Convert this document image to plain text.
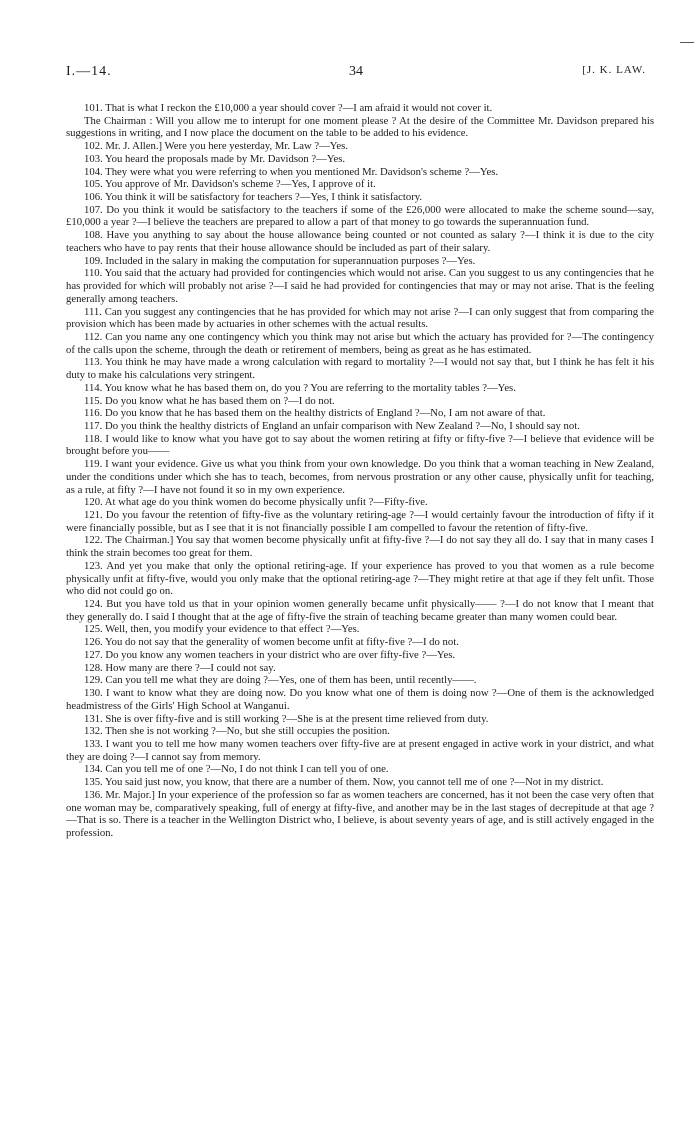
I.—14.	34	[J. K. LAW.

101. That is what I reckon the £10,000 a year should cover ?—I am afraid it would not cover it.

The Chairman : Will you allow me to interupt for one moment please ? At the desire of the Committee Mr. Davidson prepared his suggestions in writing, and I now place the document on the table to be added to his evidence.

102. Mr. J. Allen.] Were you here yesterday, Mr. Law ?—Yes.

103. You heard the proposals made by Mr. Davidson ?—Yes.

104. They were what you were referring to when you mentioned Mr. Davidson's scheme ?—Yes.

105. You approve of Mr. Davidson's scheme ?—Yes, I approve of it.

106. You think it will be satisfactory for teachers ?—Yes, I think it satisfactory.

107. Do you think it would be satisfactory to the teachers if some of the £26,000 were allocated to make the scheme sound—say, £10,000 a year ?—I believe the teachers are prepared to allow a part of that money to go towards the superannuation fund.

108. Have you anything to say about the house allowance being counted or not counted as salary ?—I think it is due to the city teachers who have to pay rents that their house allowance should be included as part of their salary.

109. Included in the salary in making the computation for superannuation purposes ?—Yes.

110. You said that the actuary had provided for contingencies which would not arise. Can you suggest to us any contingencies that he has provided for which will probably not arise ?—I said he had provided for contingencies that may or may not arise. That is the feeling generally among teachers.

111. Can you suggest any contingencies that he has provided for which may not arise ?—I can only suggest that from comparing the provision which has been made by actuaries in other schemes with the actual results.

112. Can you name any one contingency which you think may not arise but which the actuary has provided for ?—The contingency of the calls upon the scheme, through the death or retirement of members, being as great as he has estimated.

113. You think he may have made a wrong calculation with regard to mortality ?—I would not say that, but I think he has felt it his duty to make his calculations very stringent.

114. You know what he has based them on, do you ? You are referring to the mortality tables ?—Yes.

115. Do you know what he has based them on ?—I do not.

116. Do you know that he has based them on the healthy districts of England ?—No, I am not aware of that.

117. Do you think the healthy districts of England an unfair comparison with New Zealand ?—No, I should say not.

118. I would like to know what you have got to say about the women retiring at fifty or fifty-five ?—I believe that evidence will be brought before you——

119. I want your evidence. Give us what you think from your own knowledge. Do you think that a woman teaching in New Zealand, under the conditions under which she has to teach, becomes, from nervous prostration or any other cause, physically unfit for teaching, as a rule, at fifty ?—I have not found it so in my own experience.

120. At what age do you think women do become physically unfit ?—Fifty-five.

121. Do you favour the retention of fifty-five as the voluntary retiring-age ?—I would certainly favour the introduction of fifty if it were financially possible, but as I see that it is not financially possible I am compelled to favour the retention of fifty-five.

122. The Chairman.] You say that women become physically unfit at fifty-five ?—I do not say they all do. I say that in many cases I think the strain becomes too great for them.

123. And yet you make that only the optional retiring-age. If your experience has proved to you that women as a rule become physically unfit at fifty-five, would you only make that the optional retiring-age ?—They might retire at that age if they felt unfit. Those who did not could go on.

124. But you have told us that in your opinion women generally became unfit physically—— ?—I do not know that I meant that they generally do. I said I thought that at the age of fifty-five the strain of teaching became greater than many women could bear.

125. Well, then, you modify your evidence to that effect ?—Yes.

126. You do not say that the generality of women become unfit at fifty-five ?—I do not.

127. Do you know any women teachers in your district who are over fifty-five ?—Yes.

128. How many are there ?—I could not say.

129. Can you tell me what they are doing ?—Yes, one of them has been, until recently——.

130. I want to know what they are doing now. Do you know what one of them is doing now ?—One of them is the acknowledged headmistress of the Girls' High School at Wanganui.

131. She is over fifty-five and is still working ?—She is at the present time relieved from duty.

132. Then she is not working ?—No, but she still occupies the position.

133. I want you to tell me how many women teachers over fifty-five are at present engaged in active work in your district, and what they are doing ?—I cannot say from memory.

134. Can you tell me of one ?—No, I do not think I can tell you of one.

135. You said just now, you know, that there are a number of them. Now, you cannot tell me of one ?—Not in my district.

136. Mr. Major.] In your experience of the profession so far as women teachers are concerned, has it not been the case very often that one woman may be, comparatively speaking, full of energy at fifty-five, and another may be in the last stages of decrepitude at that age ?—That is so. There is a teacher in the Wellington District who, I believe, is about seventy years of age, and is still actively engaged in the profession.
